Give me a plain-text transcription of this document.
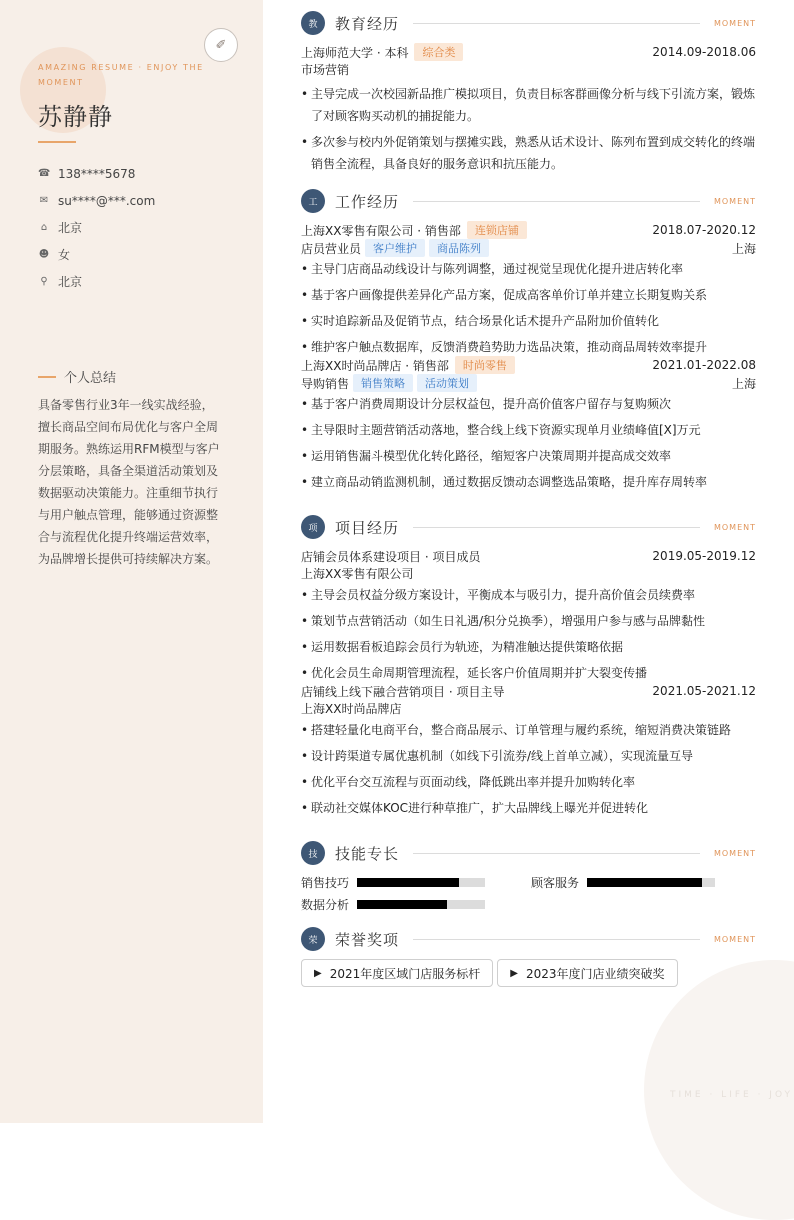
TIME · LIFE · JOY
AMAZING RESUME · ENJOY THE MOMENT
✐
苏静静
☎ 138****5678
✉ su****@***.com
⌂ 北京
☻ 女
⚲ 北京
个人总结
具备零售行业3年一线实战经验，擅长商品空间布局优化与客户全周期服务。熟练运用RFM模型与客户分层策略，具备全渠道活动策划及数据驱动决策能力。注重细节执行与用户触点管理，能够通过资源整合与流程优化提升终端运营效率，为品牌增长提供可持续解决方案。
教	教育经历	MOMENT
上海师范大学 · 本科	综合类	2014.09-2018.06
市场营销
• 主导完成一次校园新品推广模拟项目，负责目标客群画像分析与线下引流方案，锻炼了对顾客购买动机的捕捉能力。
• 多次参与校内外促销策划与摆摊实践，熟悉从话术设计、陈列布置到成交转化的终端销售全流程，具备良好的服务意识和抗压能力。
工	工作经历	MOMENT
上海XX零售有限公司 · 销售部	连锁店铺	2018.07-2020.12
店员营业员	客户维护	商品陈列	上海
• 主导门店商品动线设计与陈列调整，通过视觉呈现优化提升进店转化率
• 基于客户画像提供差异化产品方案，促成高客单价订单并建立长期复购关系
• 实时追踪新品及促销节点，结合场景化话术提升产品附加价值转化
• 维护客户触点数据库，反馈消费趋势助力选品决策，推动商品周转效率提升
上海XX时尚品牌店 · 销售部	时尚零售	2021.01-2022.08
导购销售	销售策略	活动策划	上海
• 基于客户消费周期设计分层权益包，提升高价值客户留存与复购频次
• 主导限时主题营销活动落地，整合线上线下资源实现单月业绩峰值[X]万元
• 运用销售漏斗模型优化转化路径，缩短客户决策周期并提高成交效率
• 建立商品动销监测机制，通过数据反馈动态调整选品策略，提升库存周转率
项	项目经历	MOMENT
店铺会员体系建设项目 · 项目成员	2019.05-2019.12
上海XX零售有限公司
• 主导会员权益分级方案设计，平衡成本与吸引力，提升高价值会员续费率
• 策划节点营销活动（如生日礼遇/积分兑换季），增强用户参与感与品牌黏性
• 运用数据看板追踪会员行为轨迹，为精准触达提供策略依据
• 优化会员生命周期管理流程，延长客户价值周期并扩大裂变传播
店铺线上线下融合营销项目 · 项目主导	2021.05-2021.12
上海XX时尚品牌店
• 搭建轻量化电商平台，整合商品展示、订单管理与履约系统，缩短消费决策链路
• 设计跨渠道专属优惠机制（如线下引流券/线上首单立减），实现流量互导
• 优化平台交互流程与页面动线，降低跳出率并提升加购转化率
• 联动社交媒体KOC进行种草推广，扩大品牌线上曝光并促进转化
技	技能专长	MOMENT
销售技巧	顾客服务
数据分析
荣	荣誉奖项	MOMENT
▶ 2021年度区域门店服务标杆	▶ 2023年度门店业绩突破奖
